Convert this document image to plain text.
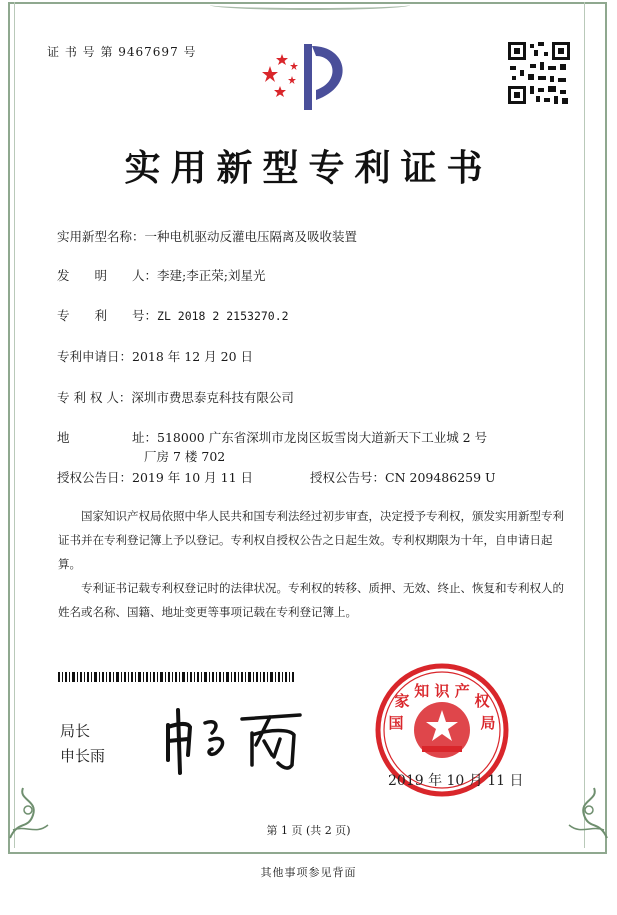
证 书 号 第 9467697 号
实用新型专利证书
实用新型名称：一种电机驱动反灌电压隔离及吸收装置
发　　明　　人：李建;李正荣;刘星光
专　　利　　号：ZL 2018 2 2153270.2
专利申请日：2018 年 12 月 20 日
专 利 权 人：深圳市费思泰克科技有限公司
地　　　　　址：518000 广东省深圳市龙岗区坂雪岗大道新天下工业城 2 号
厂房 7 楼 702
授权公告日：2019 年 10 月 11 日	授权公告号：CN 209486259 U
国家知识产权局依照中华人民共和国专利法经过初步审查，决定授予专利权，颁发实用新型专利证书并在专利登记簿上予以登记。专利权自授权公告之日起生效。专利权期限为十年，自申请日起算。
专利证书记载专利权登记时的法律状况。专利权的转移、质押、无效、终止、恢复和专利权人的姓名或名称、国籍、地址变更等事项记载在专利登记簿上。
局长
申长雨
知 识 产
国
家	权
局
2019 年 10 月 11 日
第 1 页 (共 2 页)
其他事项参见背面
